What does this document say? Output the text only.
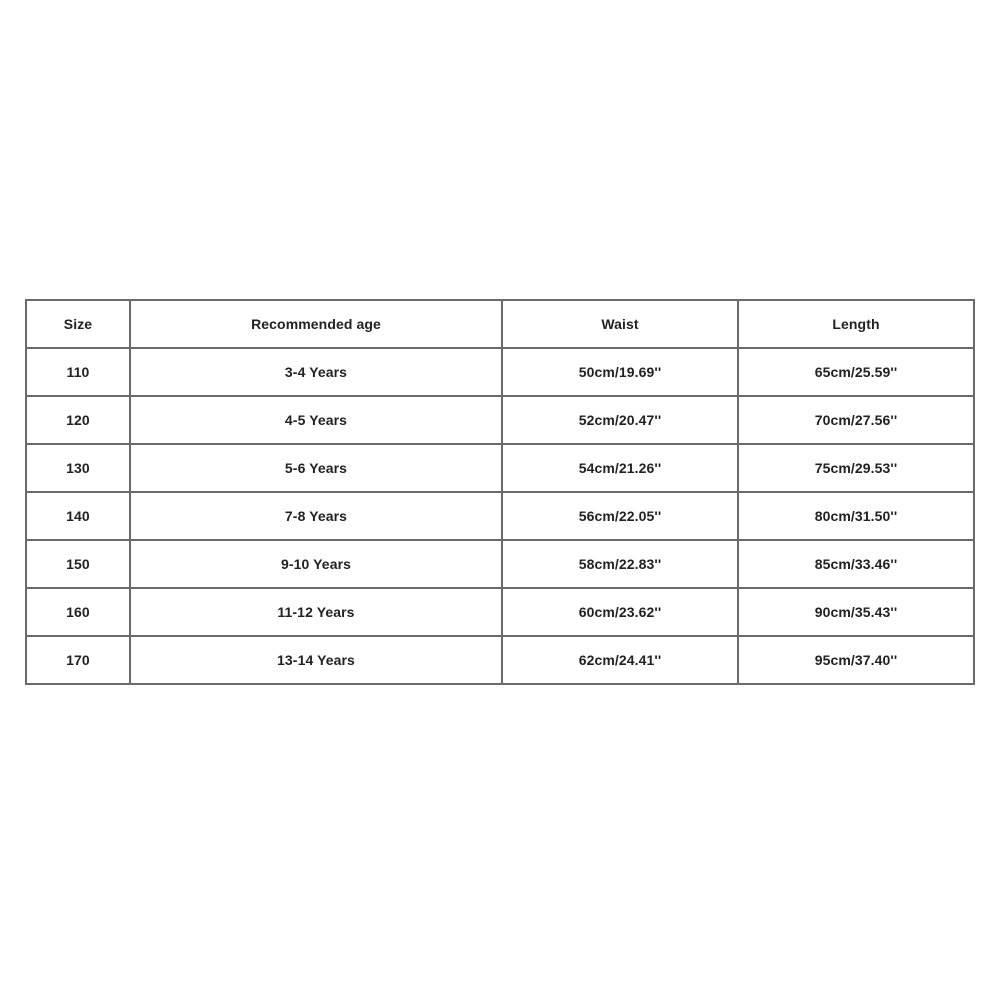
Size	Recommended age	Waist	Length
110	3-4 Years	50cm/19.69''	65cm/25.59''
120	4-5 Years	52cm/20.47''	70cm/27.56''
130	5-6 Years	54cm/21.26''	75cm/29.53''
140	7-8 Years	56cm/22.05''	80cm/31.50''
150	9-10 Years	58cm/22.83''	85cm/33.46''
160	11-12 Years	60cm/23.62''	90cm/35.43''
170	13-14 Years	62cm/24.41''	95cm/37.40''
